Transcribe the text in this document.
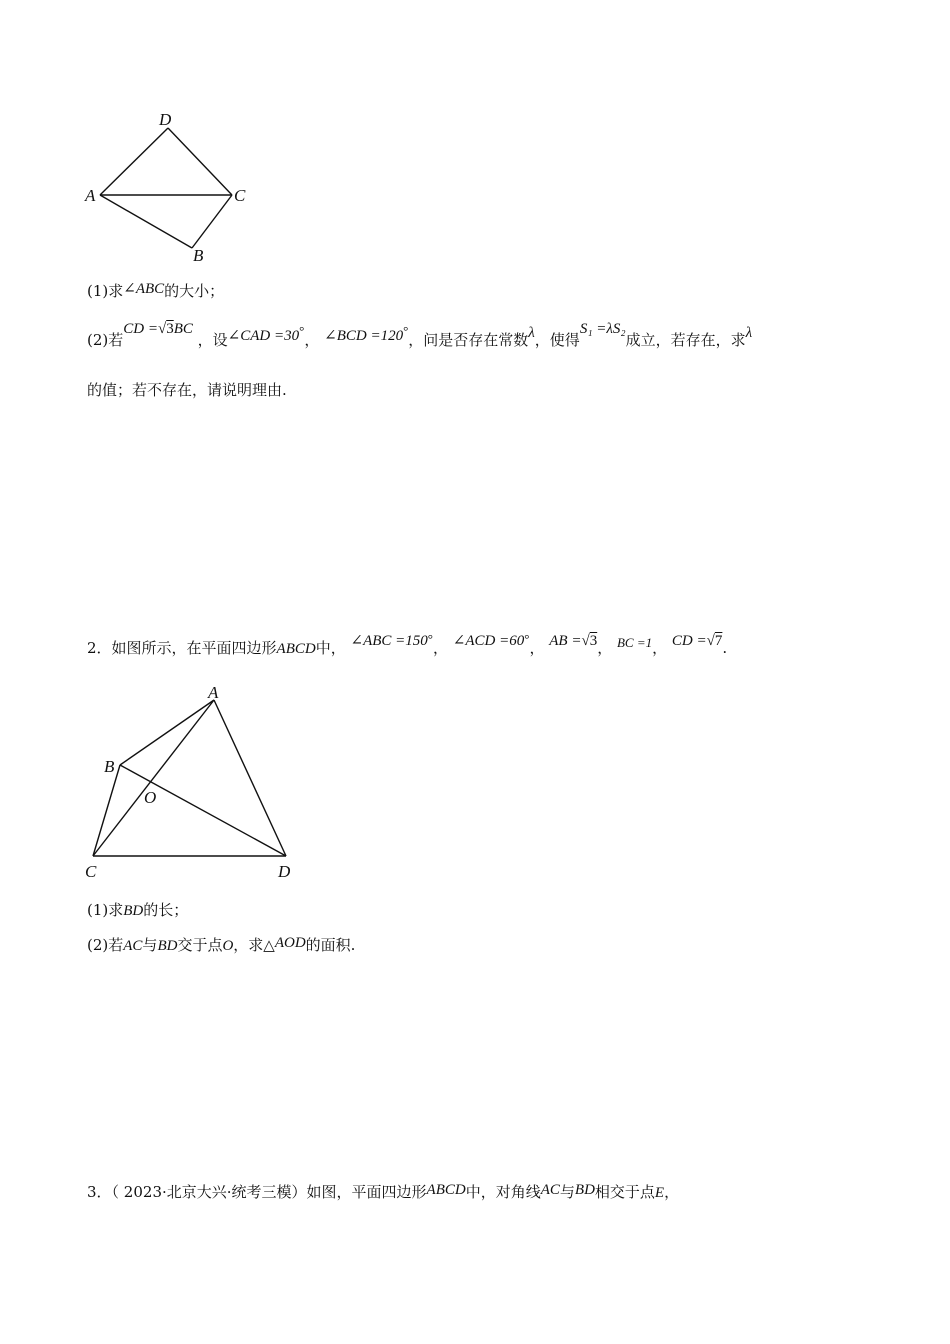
D
A	C
B
(1)求∠ABC的大小；
(2)若CD =√3BC ，设∠CAD =30°， ∠BCD =120°，问是否存在常数λ，使得S₁ =λS₂成立，若存在，求λ
的值；若不存在，请说明理由.
2．如图所示，在平面四边形ABCD中， ∠ABC =150°， ∠ACD =60°， AB =√3， BC =1， CD =√7.
A
B
O
C	D
(1)求BD的长；
(2)若AC与BD交于点O，求△AOD的面积.
3．（ 2023·北京大兴·统考三模）如图，平面四边形ABCD中，对角线AC与BD相交于点E，
